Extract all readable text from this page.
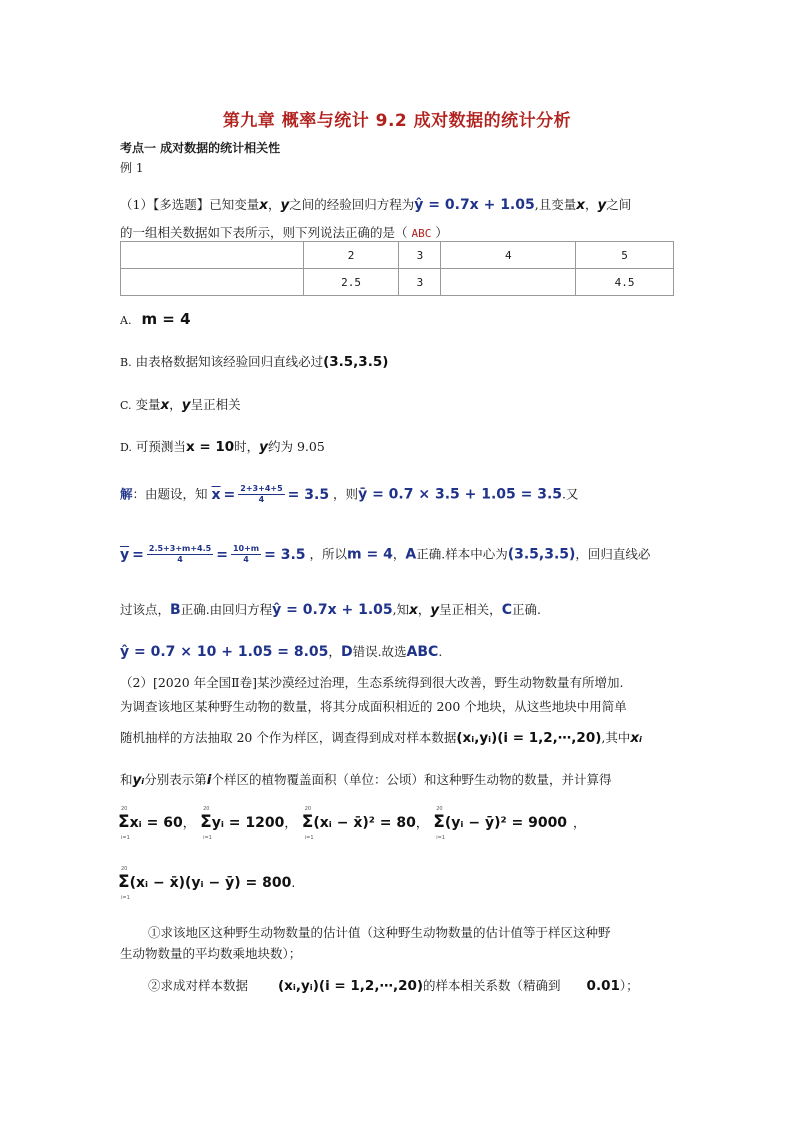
第九章 概率与统计 9.2 成对数据的统计分析
考点一 成对数据的统计相关性
例 1
（1）【多选题】已知变量x，y之间的经验回归方程为ŷ = 0.7x + 1.05,且变量x，y之间
的一组相关数据如下表所示，则下列说法正确的是（ ABC ）
	2	3	4	5
	2.5	3		4.5
A. m = 4
B. 由表格数据知该经验回归直线必过(3.5,3.5)
C. 变量x，y呈正相关
D. 可预测当x = 10时，y约为 9.05
解：由题设，知 $\overline{x} = \frac{2+3+4+5}{4} = 3.5$ ，则ȳ = 0.7 × 3.5 + 1.05 = 3.5.又
$\overline{y} = \frac{2.5+3+m+4.5}{4} = \frac{10+m}{4} = 3.5$ ，所以m = 4，A正确.样本中心为(3.5,3.5)，回归直线必
过该点，B正确.由回归方程ŷ = 0.7x + 1.05,知x，y呈正相关，C正确.
ŷ = 0.7 × 10 + 1.05 = 8.05，D错误.故选ABC.
（2）[2020 年全国Ⅱ卷]某沙漠经过治理，生态系统得到很大改善，野生动物数量有所增加.
为调查该地区某种野生动物的数量，将其分成面积相近的 200 个地块，从这些地块中用简单
随机抽样的方法抽取 20 个作为样区，调查得到成对样本数据(xᵢ,yᵢ)(i = 1,2,⋯,20),其中xᵢ
和yᵢ分别表示第i个样区的植物覆盖面积（单位：公顷）和这种野生动物的数量，并计算得
20
Σ
i=1
xᵢ = 60，
20
Σ
i=1
yᵢ = 1200，
20
Σ
i=1
(xᵢ − x̄)² = 80，
20
Σ
i=1
(yᵢ − ȳ)² = 9000 ，
20
Σ
i=1
(xᵢ − x̄)(yᵢ − ȳ) = 800.
①求该地区这种野生动物数量的估计值（这种野生动物数量的估计值等于样区这种野
生动物数量的平均数乘地块数）；
②求成对样本数据 (xᵢ,yᵢ)(i = 1,2,⋯,20)的样本相关系数（精确到 0.01）；
